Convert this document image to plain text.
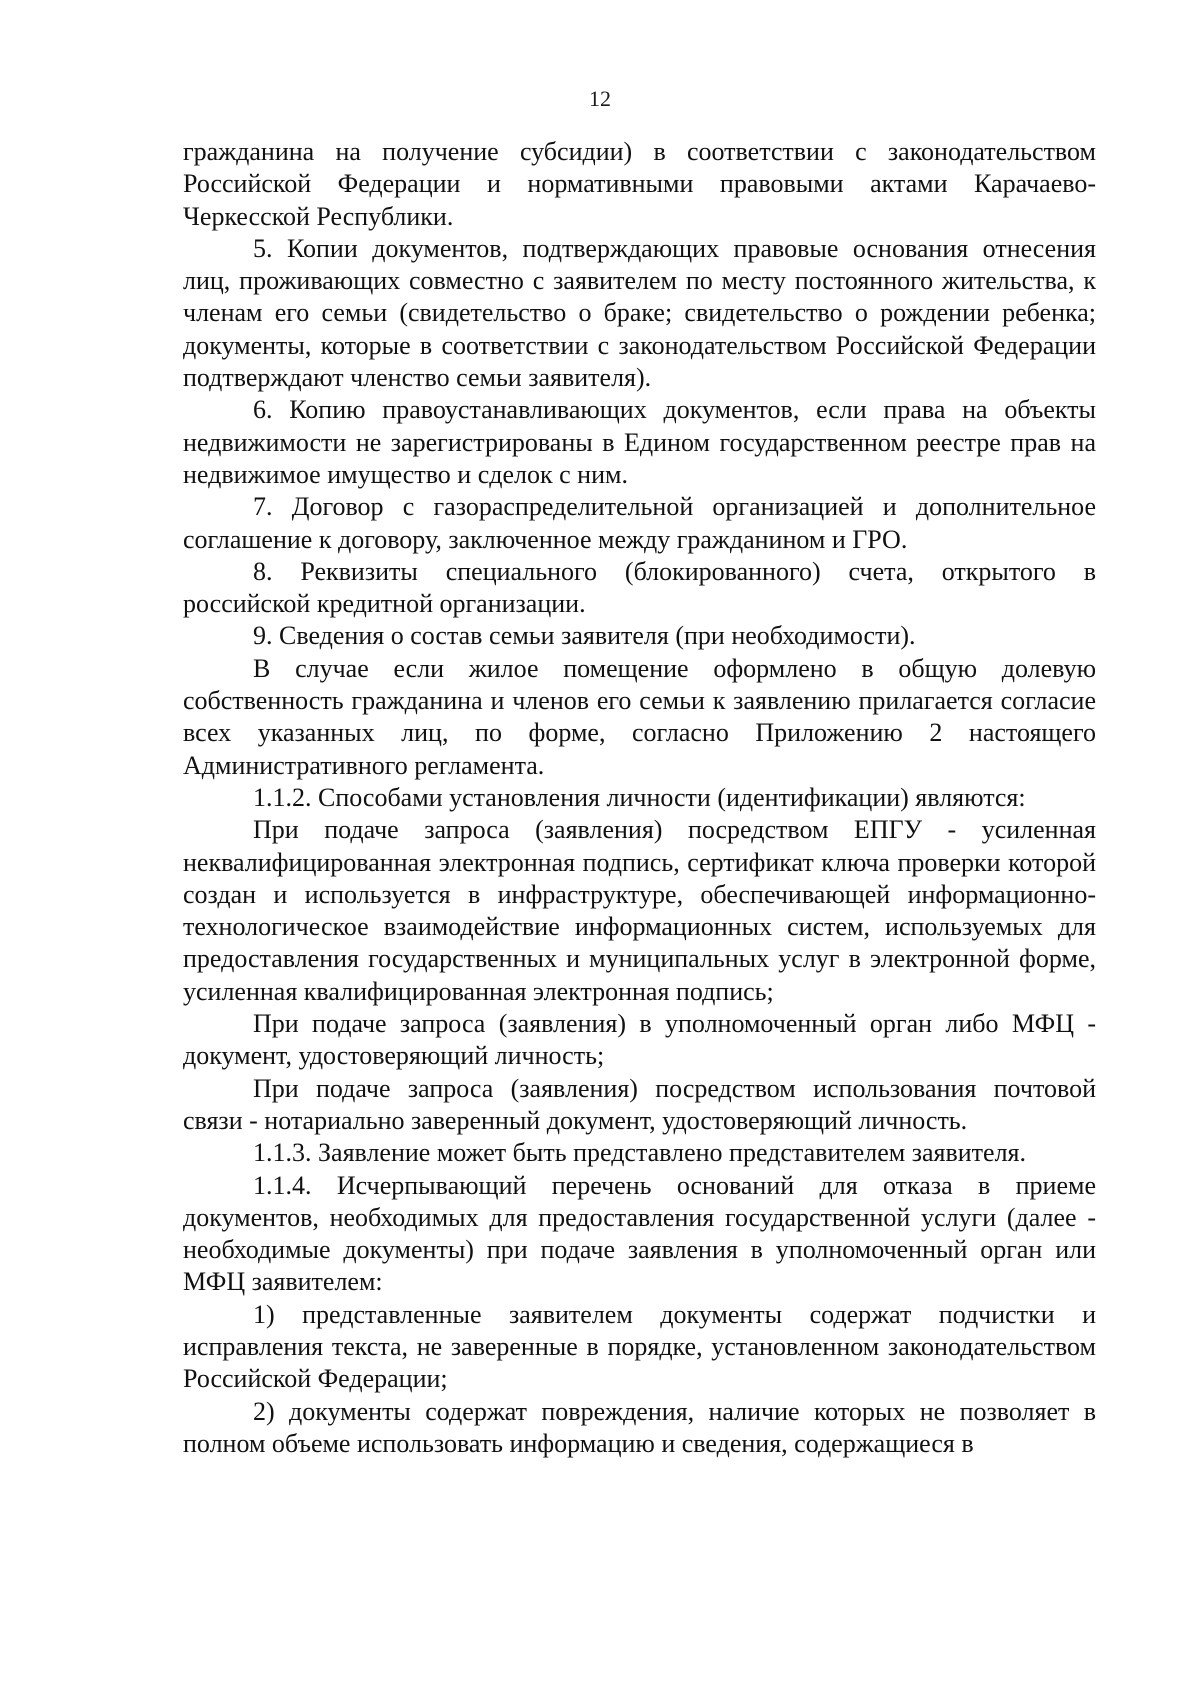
12

гражданина на получение субсидии) в соответствии с законодательством Российской Федерации и нормативными правовыми актами Карачаево-Черкесской Республики.

5. Копии документов, подтверждающих правовые основания отнесения лиц, проживающих совместно с заявителем по месту постоянного жительства, к членам его семьи (свидетельство о браке; свидетельство о рождении ребенка; документы, которые в соответствии с законодательством Российской Федерации подтверждают членство семьи заявителя).

6. Копию правоустанавливающих документов, если права на объекты недвижимости не зарегистрированы в Едином государственном реестре прав на недвижимое имущество и сделок с ним.

7. Договор с газораспределительной организацией и дополнительное соглашение к договору, заключенное между гражданином и ГРО.

8. Реквизиты специального (блокированного) счета, открытого в российской кредитной организации.

9. Сведения о состав семьи заявителя (при необходимости).

В случае если жилое помещение оформлено в общую долевую собственность гражданина и членов его семьи к заявлению прилагается согласие всех указанных лиц, по форме, согласно Приложению 2 настоящего Административного регламента.

1.1.2. Способами установления личности (идентификации) являются:

При подаче запроса (заявления) посредством ЕПГУ - усиленная неквалифицированная электронная подпись, сертификат ключа проверки которой создан и используется в инфраструктуре, обеспечивающей информационно-технологическое взаимодействие информационных систем, используемых для предоставления государственных и муниципальных услуг в электронной форме, усиленная квалифицированная электронная подпись;

При подаче запроса (заявления) в уполномоченный орган либо МФЦ - документ, удостоверяющий личность;

При подаче запроса (заявления) посредством использования почтовой связи - нотариально заверенный документ, удостоверяющий личность.

1.1.3. Заявление может быть представлено представителем заявителя.

1.1.4. Исчерпывающий перечень оснований для отказа в приеме документов, необходимых для предоставления государственной услуги (далее - необходимые документы) при подаче заявления в уполномоченный орган или МФЦ заявителем:

1) представленные заявителем документы содержат подчистки и исправления текста, не заверенные в порядке, установленном законодательством Российской Федерации;

2) документы содержат повреждения, наличие которых не позволяет в полном объеме использовать информацию и сведения, содержащиеся в
